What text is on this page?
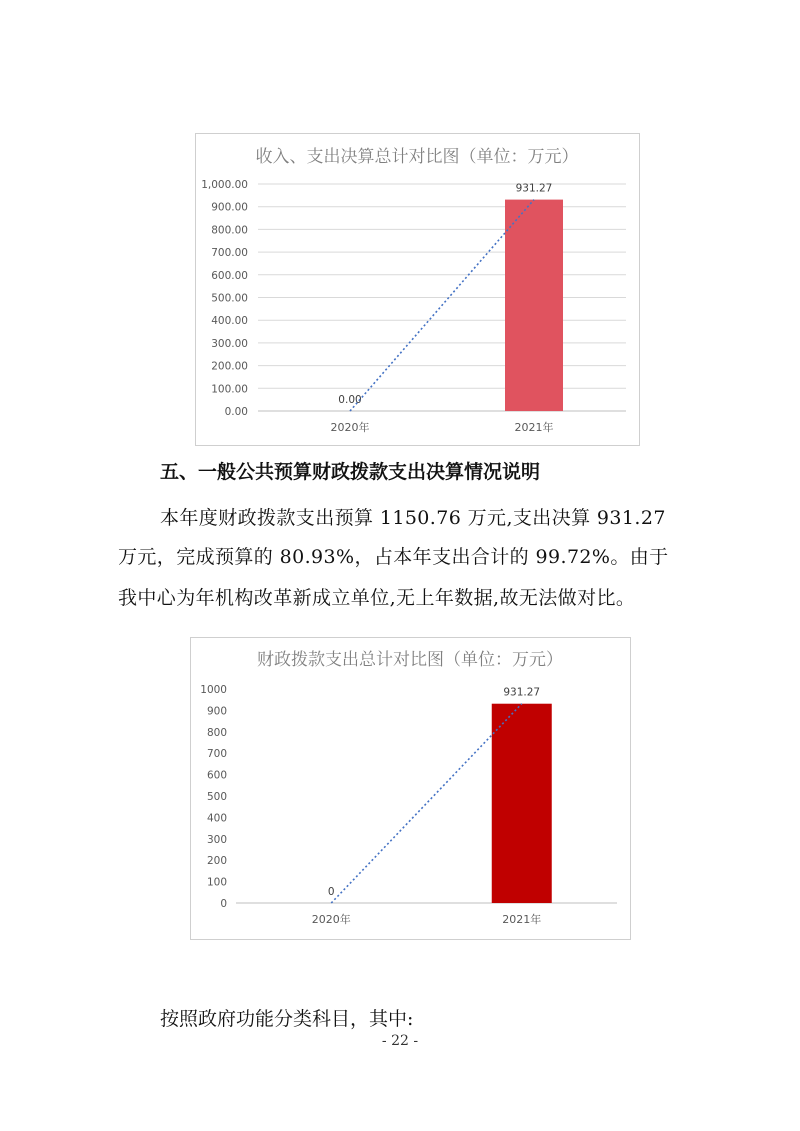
收入、支出决算总计对比图（单位：万元）
0.00
100.00
200.00
300.00
400.00
500.00
600.00
700.00
800.00
900.00
1,000.00
2020年
0.00
2021年
931.27
五、一般公共预算财政拨款支出决算情况说明
本年度财政拨款支出预算 1150.76 万元,支出决算 931.27
万元，完成预算的 80.93%，占本年支出合计的 99.72%。由于
我中心为年机构改革新成立单位,无上年数据,故无法做对比。
财政拨款支出总计对比图（单位：万元）
0
100
200
300
400
500
600
700
800
900
1000
2020年
0
2021年
931.27
按照政府功能分类科目，其中:
- 22 -
